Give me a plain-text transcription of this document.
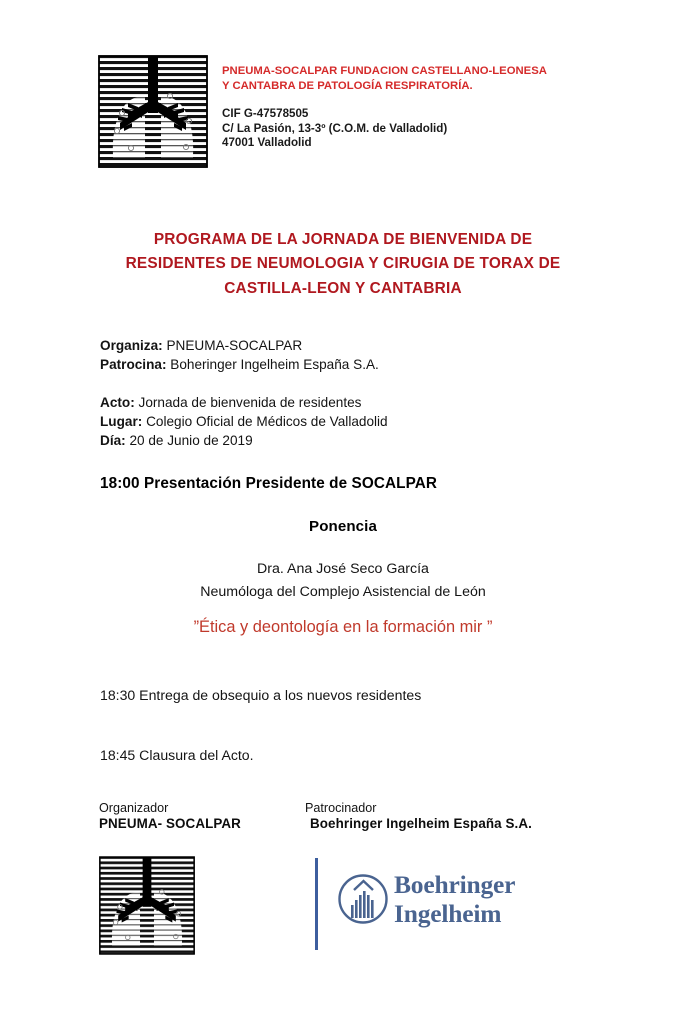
PNEUMA-SOCALPAR FUNDACION CASTELLANO-LEONESA
Y CANTABRA DE PATOLOGÍA RESPIRATORÍA.
CIF G-47578505
C/ La Pasión, 13-3º (C.O.M. de Valladolid)
47001 Valladolid
PROGRAMA DE LA JORNADA DE BIENVENIDA DE
RESIDENTES DE NEUMOLOGIA Y CIRUGIA DE TORAX DE
CASTILLA-LEON Y CANTABRIA
Organiza: PNEUMA-SOCALPAR
Patrocina: Boheringer Ingelheim España S.A.
Acto: Jornada de bienvenida de residentes
Lugar: Colegio Oficial de Médicos de Valladolid
Día: 20 de Junio de 2019
18:00 Presentación Presidente de SOCALPAR
Ponencia
Dra. Ana José Seco García
Neumóloga del Complejo Asistencial de León
”Ética y deontología en la formación mir ”
18:30 Entrega de obsequio a los nuevos residentes
18:45 Clausura del Acto.
Organizador
PNEUMA- SOCALPAR
Patrocinador
Boehringer Ingelheim España S.A.
Boehringer
Ingelheim
